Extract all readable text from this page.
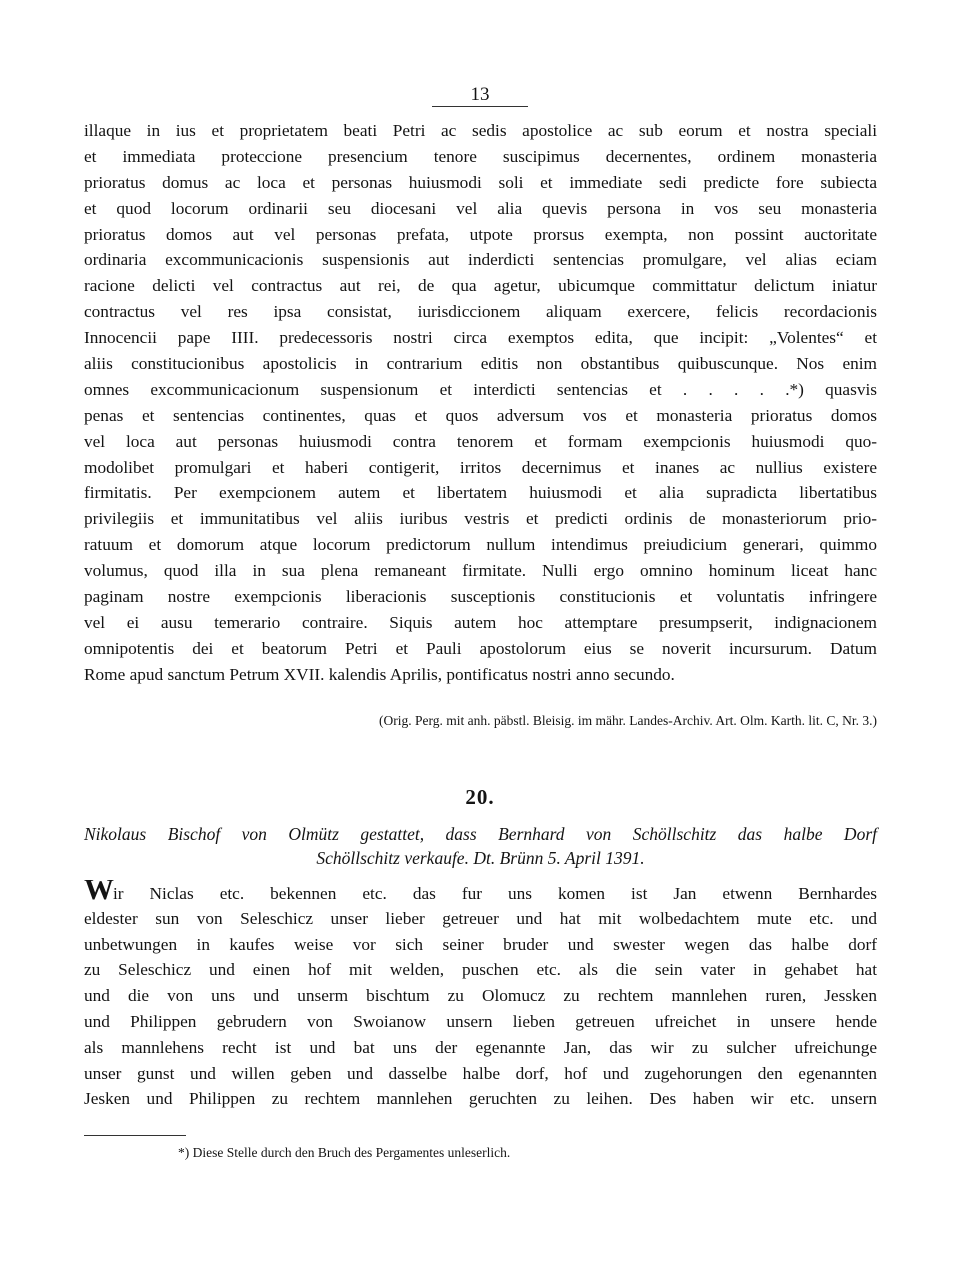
13
illaque in ius et proprietatem beati Petri ac sedis apostolice ac sub eorum et nostra speciali
et immediata proteccione presencium tenore suscipimus decernentes, ordinem monasteria
prioratus domus ac loca et personas huiusmodi soli et immediate sedi predicte fore subiecta
et quod locorum ordinarii seu diocesani vel alia quevis persona in vos seu monasteria
prioratus domos aut vel personas prefata, utpote prorsus exempta, non possint auctoritate
ordinaria excommunicacionis suspensionis aut inderdicti sentencias promulgare, vel alias eciam
racione delicti vel contractus aut rei, de qua agetur, ubicumque committatur delictum iniatur
contractus vel res ipsa consistat, iurisdiccionem aliquam exercere, felicis recordacionis
Innocencii pape IIII. predecessoris nostri circa exemptos edita, que incipit: „Volentes“ et
aliis constitucionibus apostolicis in contrarium editis non obstantibus quibuscunque. Nos enim
omnes excommunicacionum suspensionum et interdicti sentencias et . . . . .*) quasvis
penas et sentencias continentes, quas et quos adversum vos et monasteria prioratus domos
vel loca aut personas huiusmodi contra tenorem et formam exempcionis huiusmodi quo-
modolibet promulgari et haberi contigerit, irritos decernimus et inanes ac nullius existere
firmitatis. Per exempcionem autem et libertatem huiusmodi et alia supradicta libertatibus
privilegiis et immunitatibus vel aliis iuribus vestris et predicti ordinis de monasteriorum prio-
ratuum et domorum atque locorum predictorum nullum intendimus preiudicium generari, quimmo
volumus, quod illa in sua plena remaneant firmitate. Nulli ergo omnino hominum liceat hanc
paginam nostre exempcionis liberacionis susceptionis constitucionis et voluntatis infringere
vel ei ausu temerario contraire. Siquis autem hoc attemptare presumpserit, indignacionem
omnipotentis dei et beatorum Petri et Pauli apostolorum eius se noverit incursurum. Datum
Rome apud sanctum Petrum XVII. kalendis Aprilis, pontificatus nostri anno secundo.
(Orig. Perg. mit anh. päbstl. Bleisig. im mähr. Landes-Archiv. Art. Olm. Karth. lit. C, Nr. 3.)
20.
Nikolaus Bischof von Olmütz gestattet, dass Bernhard von Schöllschitz das halbe Dorf
Schöllschitz verkaufe. Dt. Brünn 5. April 1391.
Wir Niclas etc. bekennen etc. das fur uns komen ist Jan etwenn Bernhardes
eldester sun von Seleschicz unser lieber getreuer und hat mit wolbedachtem mute etc. und
unbetwungen in kaufes weise vor sich seiner bruder und swester wegen das halbe dorf
zu Seleschicz und einen hof mit welden, puschen etc. als die sein vater in gehabet hat
und die von uns und unserm bischtum zu Olomucz zu rechtem mannlehen ruren, Jessken
und Philippen gebrudern von Swoianow unsern lieben getreuen ufreichet in unsere hende
als mannlehens recht ist und bat uns der egenannte Jan, das wir zu sulcher ufreichunge
unser gunst und willen geben und dasselbe halbe dorf, hof und zugehorungen den egenannten
Jesken und Philippen zu rechtem mannlehen geruchten zu leihen. Des haben wir etc. unsern
*) Diese Stelle durch den Bruch des Pergamentes unleserlich.
